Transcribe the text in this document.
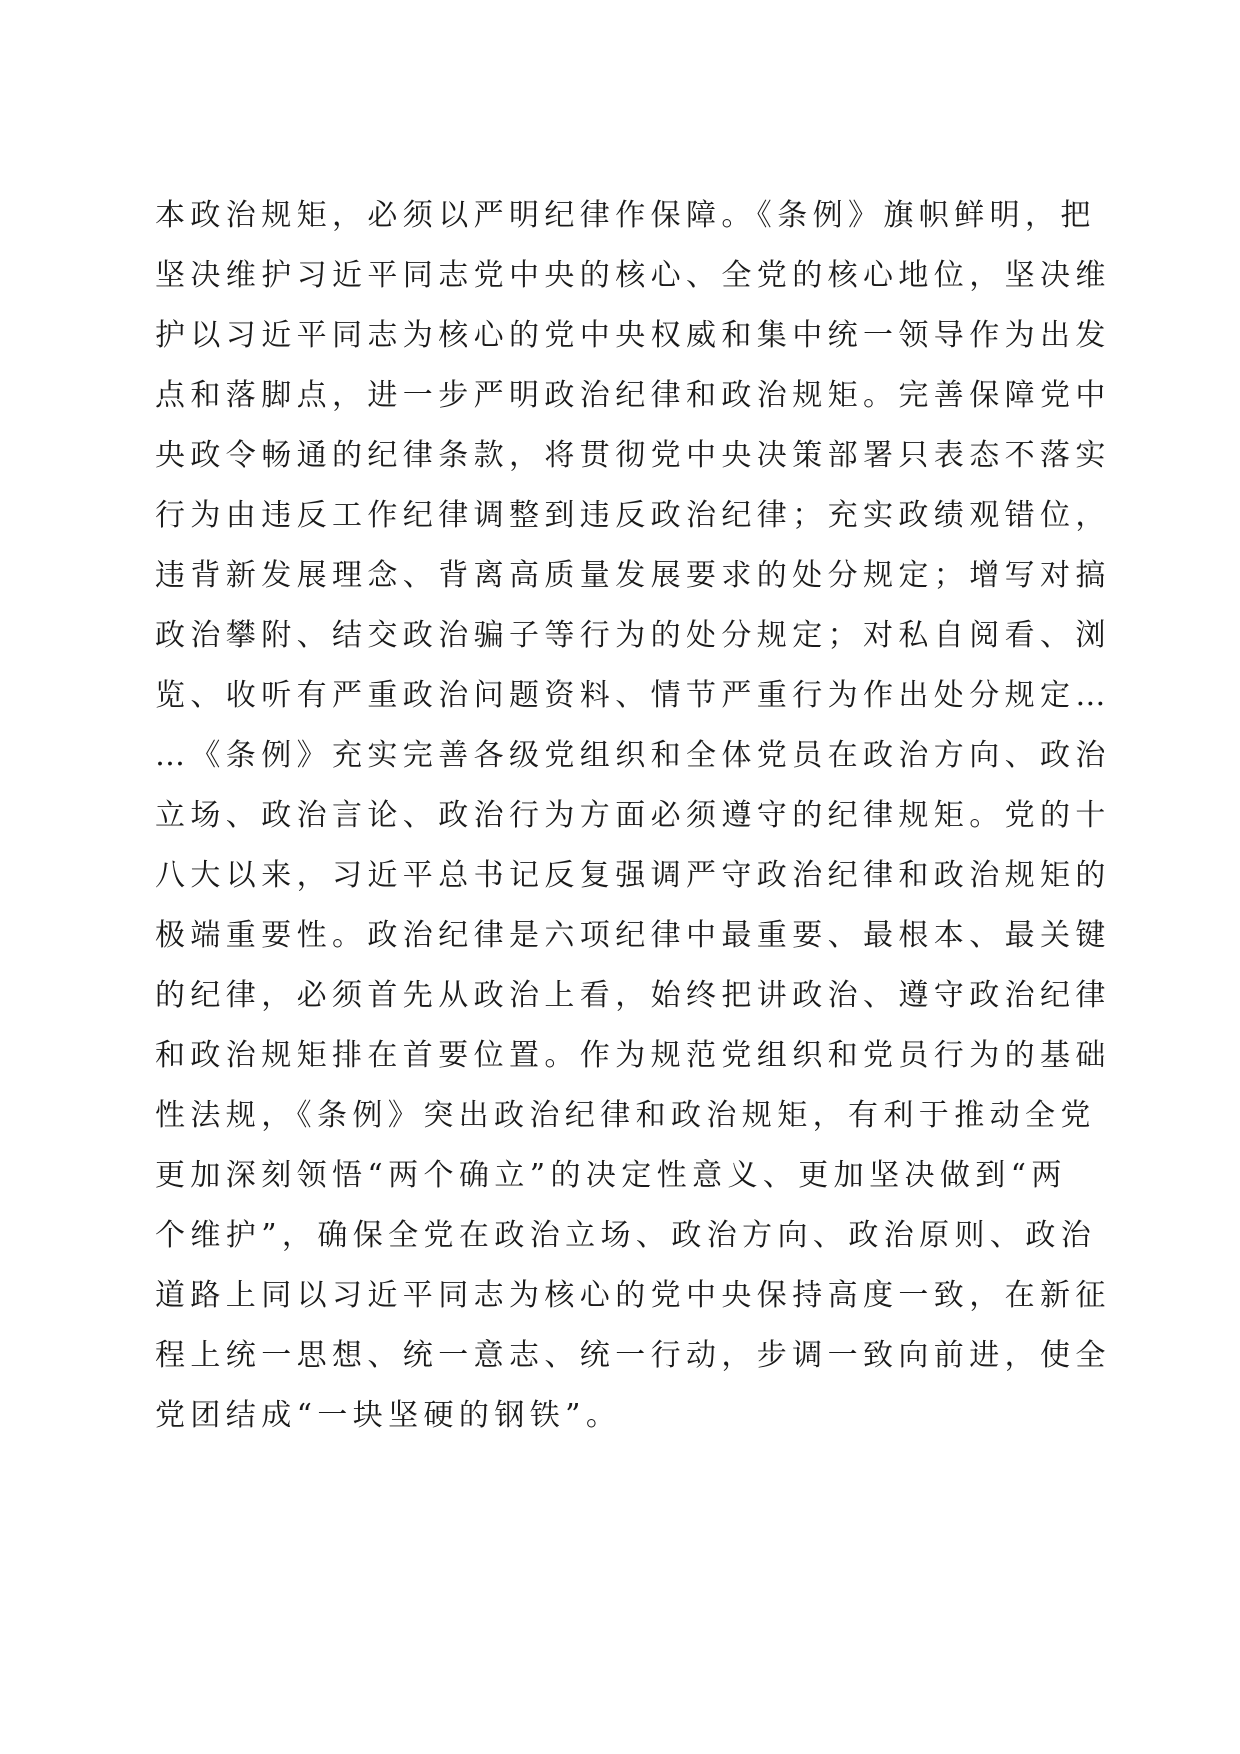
本政治规矩，必须以严明纪律作保障。《条例》旗帜鲜明，把
坚决维护习近平同志党中央的核心、全党的核心地位，坚决维
护以习近平同志为核心的党中央权威和集中统一领导作为出发
点和落脚点，进一步严明政治纪律和政治规矩。完善保障党中
央政令畅通的纪律条款，将贯彻党中央决策部署只表态不落实
行为由违反工作纪律调整到违反政治纪律；充实政绩观错位，
违背新发展理念、背离高质量发展要求的处分规定；增写对搞
政治攀附、结交政治骗子等行为的处分规定；对私自阅看、浏
览、收听有严重政治问题资料、情节严重行为作出处分规定…
…《条例》充实完善各级党组织和全体党员在政治方向、政治
立场、政治言论、政治行为方面必须遵守的纪律规矩。党的十
八大以来，习近平总书记反复强调严守政治纪律和政治规矩的
极端重要性。政治纪律是六项纪律中最重要、最根本、最关键
的纪律，必须首先从政治上看，始终把讲政治、遵守政治纪律
和政治规矩排在首要位置。作为规范党组织和党员行为的基础
性法规，《条例》突出政治纪律和政治规矩，有利于推动全党
更加深刻领悟“两个确立”的决定性意义、更加坚决做到“两
个维护”，确保全党在政治立场、政治方向、政治原则、政治
道路上同以习近平同志为核心的党中央保持高度一致，在新征
程上统一思想、统一意志、统一行动，步调一致向前进，使全
党团结成“一块坚硬的钢铁”。
